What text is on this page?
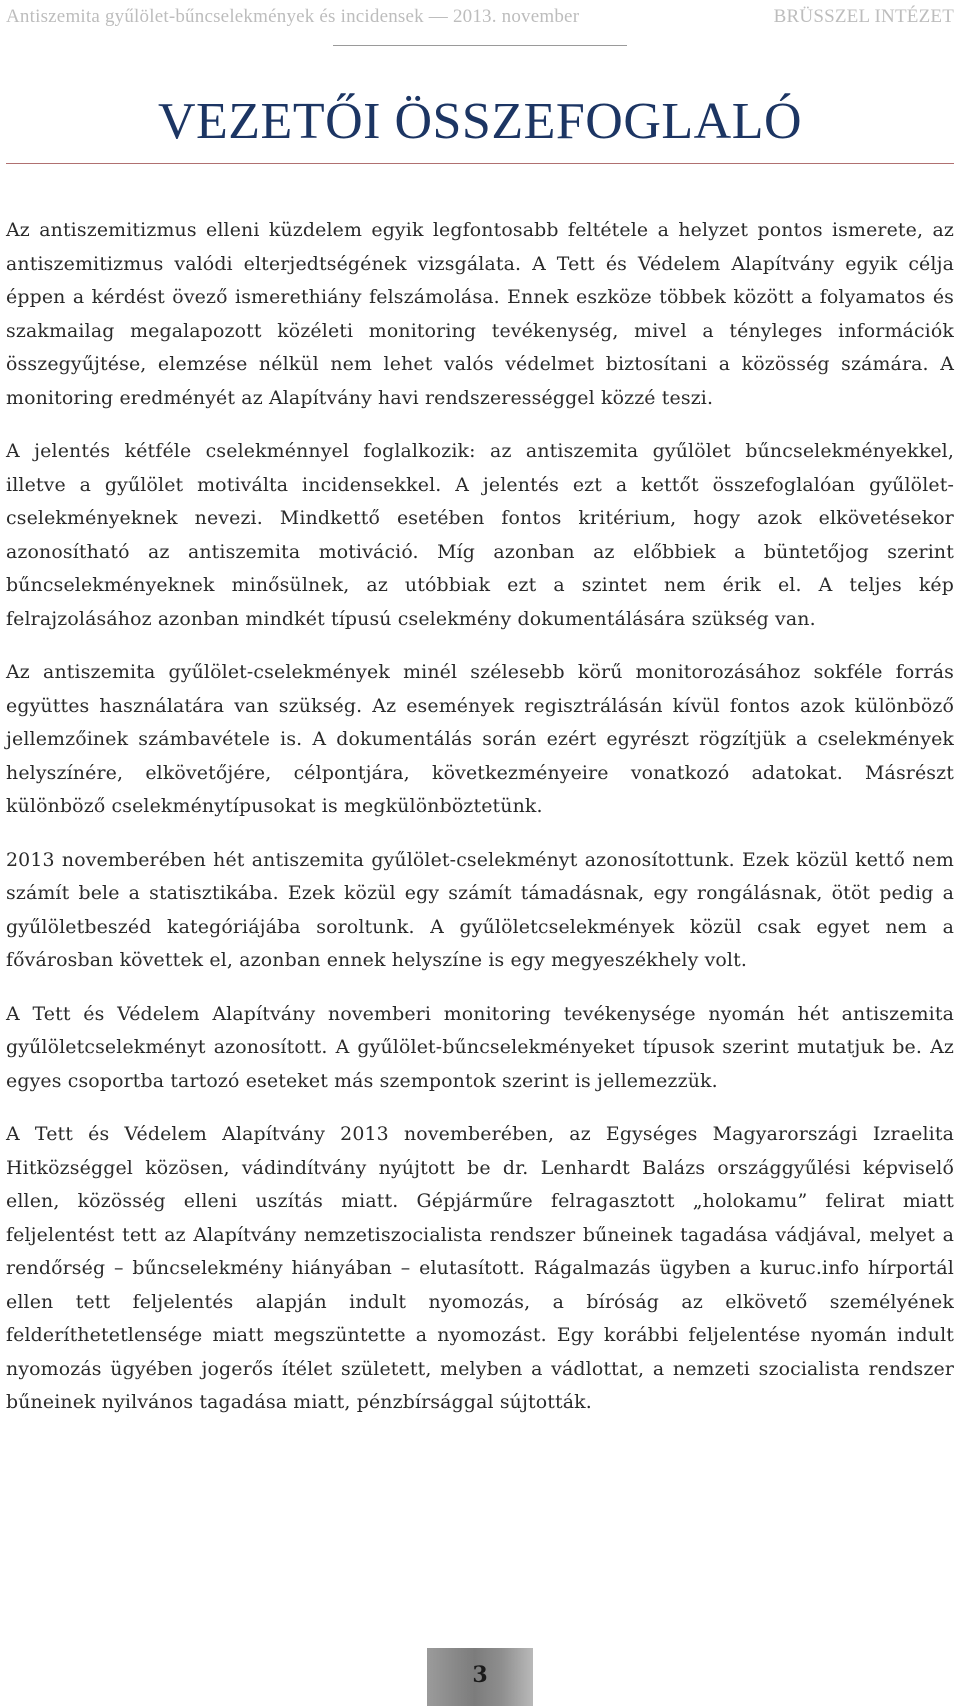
Antiszemita gyűlölet-bűncselekmények és incidensek — 2013. november	BRÜSSZEL INTÉZET
VEZETŐI ÖSSZEFOGLALÓ

Az antiszemitizmus elleni küzdelem egyik legfontosabb feltétele a helyzet pontos ismerete, az antiszemitizmus valódi elterjedtségének vizsgálata. A Tett és Védelem Alapítvány egyik célja éppen a kérdést övező ismerethiány felszámolása. Ennek eszköze többek között a folyamatos és szakmailag megalapozott közéleti monitoring tevékenység, mivel a tényleges információk összegyűjtése, elemzése nélkül nem lehet valós védelmet biztosítani a közösség számára. A monitoring eredményét az Alapítvány havi rendszerességgel közzé teszi.

A jelentés kétféle cselekménnyel foglalkozik: az antiszemita gyűlölet bűncselekményekkel, illetve a gyűlölet motiválta incidensekkel. A jelentés ezt a kettőt összefoglalóan gyűlölet-cselekményeknek nevezi. Mindkettő esetében fontos kritérium, hogy azok elkövetésekor azonosítható az antiszemita motiváció. Míg azonban az előbbiek a büntetőjog szerint bűncselekményeknek minősülnek, az utóbbiak ezt a szintet nem érik el. A teljes kép felrajzolásához azonban mindkét típusú cselekmény dokumentálására szükség van.

Az antiszemita gyűlölet-cselekmények minél szélesebb körű monitorozásához sokféle forrás együttes használatára van szükség. Az események regisztrálásán kívül fontos azok különböző jellemzőinek számbavétele is. A dokumentálás során ezért egyrészt rögzítjük a cselekmények helyszínére, elkövetőjére, célpontjára, következményeire vonatkozó adatokat. Másrészt különböző cselekménytípusokat is megkülönböztetünk.

2013 novemberében hét antiszemita gyűlölet-cselekményt azonosítottunk. Ezek közül kettő nem számít bele a statisztikába. Ezek közül egy számít támadásnak, egy rongálásnak, ötöt pedig a gyűlöletbeszéd kategóriájába soroltunk. A gyűlöletcselekmények közül csak egyet nem a fővárosban követtek el, azonban ennek helyszíne is egy megyeszékhely volt.

A Tett és Védelem Alapítvány novemberi monitoring tevékenysége nyomán hét antiszemita gyűlöletcselekményt azonosított. A gyűlölet-bűncselekményeket típusok szerint mutatjuk be. Az egyes csoportba tartozó eseteket más szempontok szerint is jellemezzük.

A Tett és Védelem Alapítvány 2013 novemberében, az Egységes Magyarországi Izraelita Hitközséggel közösen, vádindítvány nyújtott be dr. Lenhardt Balázs országgyűlési képviselő ellen, közösség elleni uszítás miatt. Gépjárműre felragasztott „holokamu” felirat miatt feljelentést tett az Alapítvány nemzetiszocialista rendszer bűneinek tagadása vádjával, melyet a rendőrség – bűncselekmény hiányában – elutasított. Rágalmazás ügyben a kuruc.info hírportál ellen tett feljelentés alapján indult nyomozás, a bíróság az elkövető személyének felderíthetetlensége miatt megszüntette a nyomozást. Egy korábbi feljelentése nyomán indult nyomozás ügyében jogerős ítélet született, melyben a vádlottat, a nemzeti szocialista rendszer bűneinek nyilvános tagadása miatt, pénzbírsággal sújtották.

3
